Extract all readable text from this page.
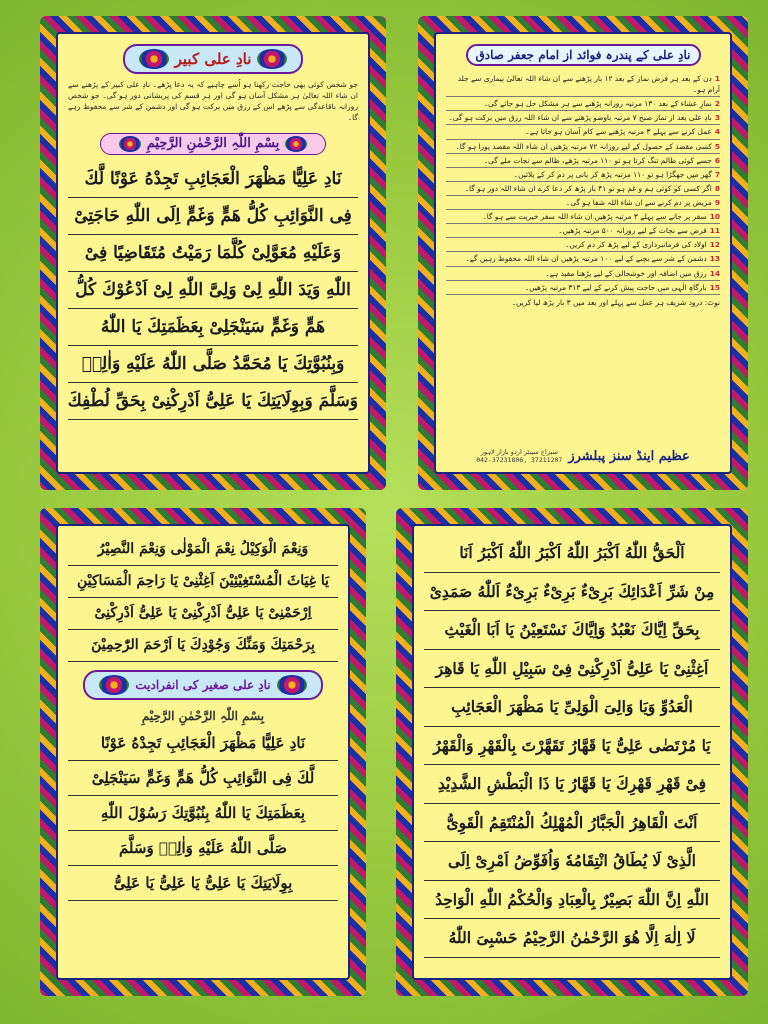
نادِ علی کبیر
جو شخص کوئی بھی حاجت رکھتا ہو اُسے چاہیے کہ یہ دعا پڑھے۔ نادِ علی کبیر کے پڑھنے سے ان شاء اللہ تعالیٰ ہر مشکل آسان ہو گی اور ہر قسم کی پریشانی دور ہو گی۔ جو شخص روزانہ باقاعدگی سے پڑھے اس کے رزق میں برکت ہو گی اور دشمن کے شر سے محفوظ رہے گا۔
بِسْمِ اللّٰہِ الرَّحْمٰنِ الرَّحِیْمِ
نَادِ عَلِیًّا مَظْهَرَ الْعَجَائِبِ تَجِدْهُ عَوْنًا لَّكَ
فِی النَّوَائِبِ كُلُّ هَمٍّ وَغَمٍّ اِلَی اللّٰهِ حَاجَتِیْ
وَعَلَیْهِ مُعَوَّلِیْ كُلَّمَا رَمَیْتُ مُتَقَاضِیًا فِیْ
اللّٰهِ وَیَدَ اللّٰهِ لِیْ وَلِیَّ اللّٰهِ لِیْ اَدْعُوْكَ كُلُّ
هَمٍّ وَغَمٍّ سَیَنْجَلِیْ بِعَظَمَتِكَ یَا اللّٰهُ
وَبِنُبُوَّتِكَ یَا مُحَمَّدُ صَلَّی اللّٰهُ عَلَیْهِ وَاٰلِهٖ
وَسَلَّمَ وَبِوِلَایَتِكَ یَا عَلِیُّ اَدْرِكْنِیْ بِحَقِّ لُطْفِكَ
نادِ علی کے پندرہ فوائد از امام جعفر صادق
1دن کے بعد ہر فرض نماز کے بعد ۱۲ بار پڑھنے سے ان شاء اللہ تعالیٰ بیماری سے جلد آرام ہو۔
2نمازِ عشاء کے بعد ۱۳۰ مرتبہ روزانہ پڑھنے سے ہر مشکل حل ہو جائے گی۔
3نادِ علی بعد از نماز صبح ۷ مرتبہ باوضو پڑھنے سے ان شاء اللہ رزق میں برکت ہو گی۔
4عمل کرنے سے پہلے ۳ مرتبہ پڑھنے سے کام آسان ہو جاتا ہے۔
5کسی مقصد کے حصول کے لیے روزانہ ۷۲ مرتبہ پڑھیں ان شاء اللہ مقصد پورا ہو گا۔
6جسے کوئی ظالم تنگ کرتا ہو تو ۱۱۰ مرتبہ پڑھے، ظالم سے نجات ملے گی۔
7گھر میں جھگڑا ہو تو ۱۱۰ مرتبہ پڑھ کر پانی پر دم کر کے پلائیں۔
8اگر کسی کو کوئی ہم و غم ہو تو ۴۱ بار پڑھ کر دعا کرے ان شاء اللہ دور ہو گا۔
9مریض پر دم کرنے سے ان شاء اللہ شفا ہو گی۔
10سفر پر جانے سے پہلے ۳ مرتبہ پڑھیں ان شاء اللہ سفر خیریت سے ہو گا۔
11قرض سے نجات کے لیے روزانہ ۵۰۰ مرتبہ پڑھیں۔
12اولاد کی فرمانبرداری کے لیے پڑھ کر دم کریں۔
13دشمن کے شر سے بچنے کے لیے ۱۰۰ مرتبہ پڑھیں ان شاء اللہ محفوظ رہیں گے۔
14رزق میں اضافہ اور خوشحالی کے لیے پڑھنا مفید ہے۔
15بارگاہِ الٰہی میں حاجت پیش کرنے کے لیے ۳۱۳ مرتبہ پڑھیں۔
نوٹ: درود شریف ہر عمل سے پہلے اور بعد میں ۳ بار پڑھ لیا کریں۔
عظیم اینڈ سنز پبلشرز
سیراج سینٹر اردو بازار لاہور
042-37231806, 37211207
وَنِعْمَ الْوَكِیْلُ نِعْمَ الْمَوْلٰی وَنِعْمَ النَّصِیْرُ
یَا غِیَاثَ الْمُسْتَغِیْثِیْنَ اَغِثْنِیْ یَا رَاحِمَ الْمَسَاكِیْنِ
اِرْحَمْنِیْ یَا عَلِیُّ اَدْرِكْنِیْ یَا عَلِیُّ اَدْرِكْنِیْ
بِرَحْمَتِكَ وَمَنِّكَ وَجُوْدِكَ یَا اَرْحَمَ الرّٰحِمِیْنَ
نادِ علی صغیر کی انفرادیت
بِسْمِ اللّٰہِ الرَّحْمٰنِ الرَّحِیْمِ
نَادِ عَلِیًّا مَظْهَرَ الْعَجَائِبِ تَجِدْهُ عَوْنًا
لَّكَ فِی النَّوَائِبِ كُلُّ هَمٍّ وَغَمٍّ سَیَنْجَلِیْ
بِعَظَمَتِكَ یَا اللّٰهُ بِنُبُوَّتِكَ رَسُوْلَ اللّٰهِ
صَلَّی اللّٰهُ عَلَیْهِ وَاٰلِهٖ وَسَلَّمَ
بِوِلَایَتِكَ یَا عَلِیُّ یَا عَلِیُّ یَا عَلِیُّ
اَلْحَقُّ اللّٰهُ اَكْبَرُ اللّٰهُ اَكْبَرُ اللّٰهُ اَكْبَرُ اَنَا
مِنْ شَرِّ اَعْدَائِكَ بَرِیْءٌ بَرِیْءٌ بَرِیْءٌ اَللّٰهُ صَمَدِیْ
بِحَقِّ اِیَّاكَ نَعْبُدُ وَاِیَّاكَ نَسْتَعِیْنُ یَا اَبَا الْغَیْثِ
اَغِثْنِیْ یَا عَلِیُّ اَدْرِكْنِیْ فِیْ سَبِیْلِ اللّٰهِ یَا قَاهِرَ
الْعَدُوِّ وَیَا وَالِیَ الْوَلِیِّ یَا مَظْهَرَ الْعَجَائِبِ
یَا مُرْتَضٰی عَلِیُّ یَا قَهَّارُ تَقَهَّرْتَ بِالْقَهْرِ وَالْقَهْرُ
فِیْ قَهْرِ قَهْرِكَ یَا قَهَّارُ یَا ذَا الْبَطْشِ الشَّدِیْدِ
اَنْتَ الْقَاهِرُ الْجَبَّارُ الْمُهْلِكُ الْمُنْتَقِمُ الْقَوِیُّ
الَّذِیْ لَا یُطَاقُ انْتِقَامُهٗ وَاُفَوِّضُ اَمْرِیْ اِلَی
اللّٰهِ اِنَّ اللّٰهَ بَصِیْرٌ بِالْعِبَادِ وَالْحُكْمُ اللّٰهِ الْوَاحِدُ
لَا اِلٰهَ اِلَّا هُوَ الرَّحْمٰنُ الرَّحِیْمُ حَسْبِیَ اللّٰهُ
